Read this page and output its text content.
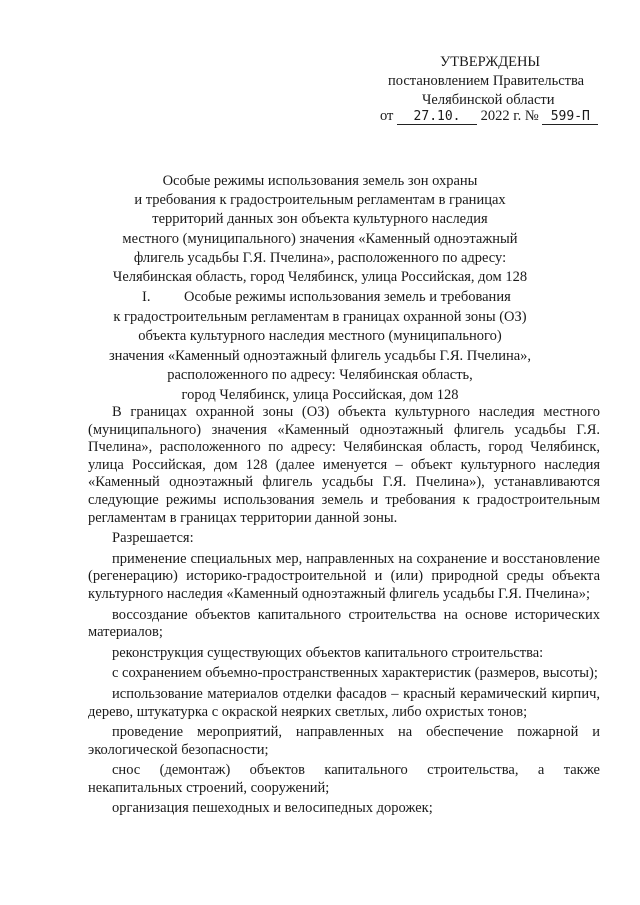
УТВЕРЖДЕНЫ
постановлением Правительства
Челябинской области
от 27.10. 2022 г. № 599-П
Особые режимы использования земель зон охраны
и требования к градостроительным регламентам в границах
территорий данных зон объекта культурного наследия
местного (муниципального) значения «Каменный одноэтажный
флигель усадьбы Г.Я. Пчелина», расположенного по адресу:
Челябинская область, город Челябинск, улица Российская, дом 128
I. Особые режимы использования земель и требования
к градостроительным регламентам в границах охранной зоны (ОЗ)
объекта культурного наследия местного (муниципального)
значения «Каменный одноэтажный флигель усадьбы Г.Я. Пчелина»,
расположенного по адресу: Челябинская область,
город Челябинск, улица Российская, дом 128

В границах охранной зоны (ОЗ) объекта культурного наследия местного (муниципального) значения «Каменный одноэтажный флигель усадьбы Г.Я. Пчелина», расположенного по адресу: Челябинская область, город Челябинск, улица Российская, дом 128 (далее именуется – объект культурного наследия «Каменный одноэтажный флигель усадьбы Г.Я. Пчелина»), устанавливаются следующие режимы использования земель и требования к градостроительным регламентам в границах территории данной зоны.

Разрешается:

применение специальных мер, направленных на сохранение и восстановление (регенерацию) историко-градостроительной и (или) природной среды объекта культурного наследия «Каменный одноэтажный флигель усадьбы Г.Я. Пчелина»;

воссоздание объектов капитального строительства на основе исторических материалов;

реконструкция существующих объектов капитального строительства:

с сохранением объемно-пространственных характеристик (размеров, высоты);

использование материалов отделки фасадов – красный керамический кирпич, дерево, штукатурка с окраской неярких светлых, либо охристых тонов;

проведение мероприятий, направленных на обеспечение пожарной и экологической безопасности;

снос (демонтаж) объектов капитального строительства, а также некапитальных строений, сооружений;

организация пешеходных и велосипедных дорожек;
